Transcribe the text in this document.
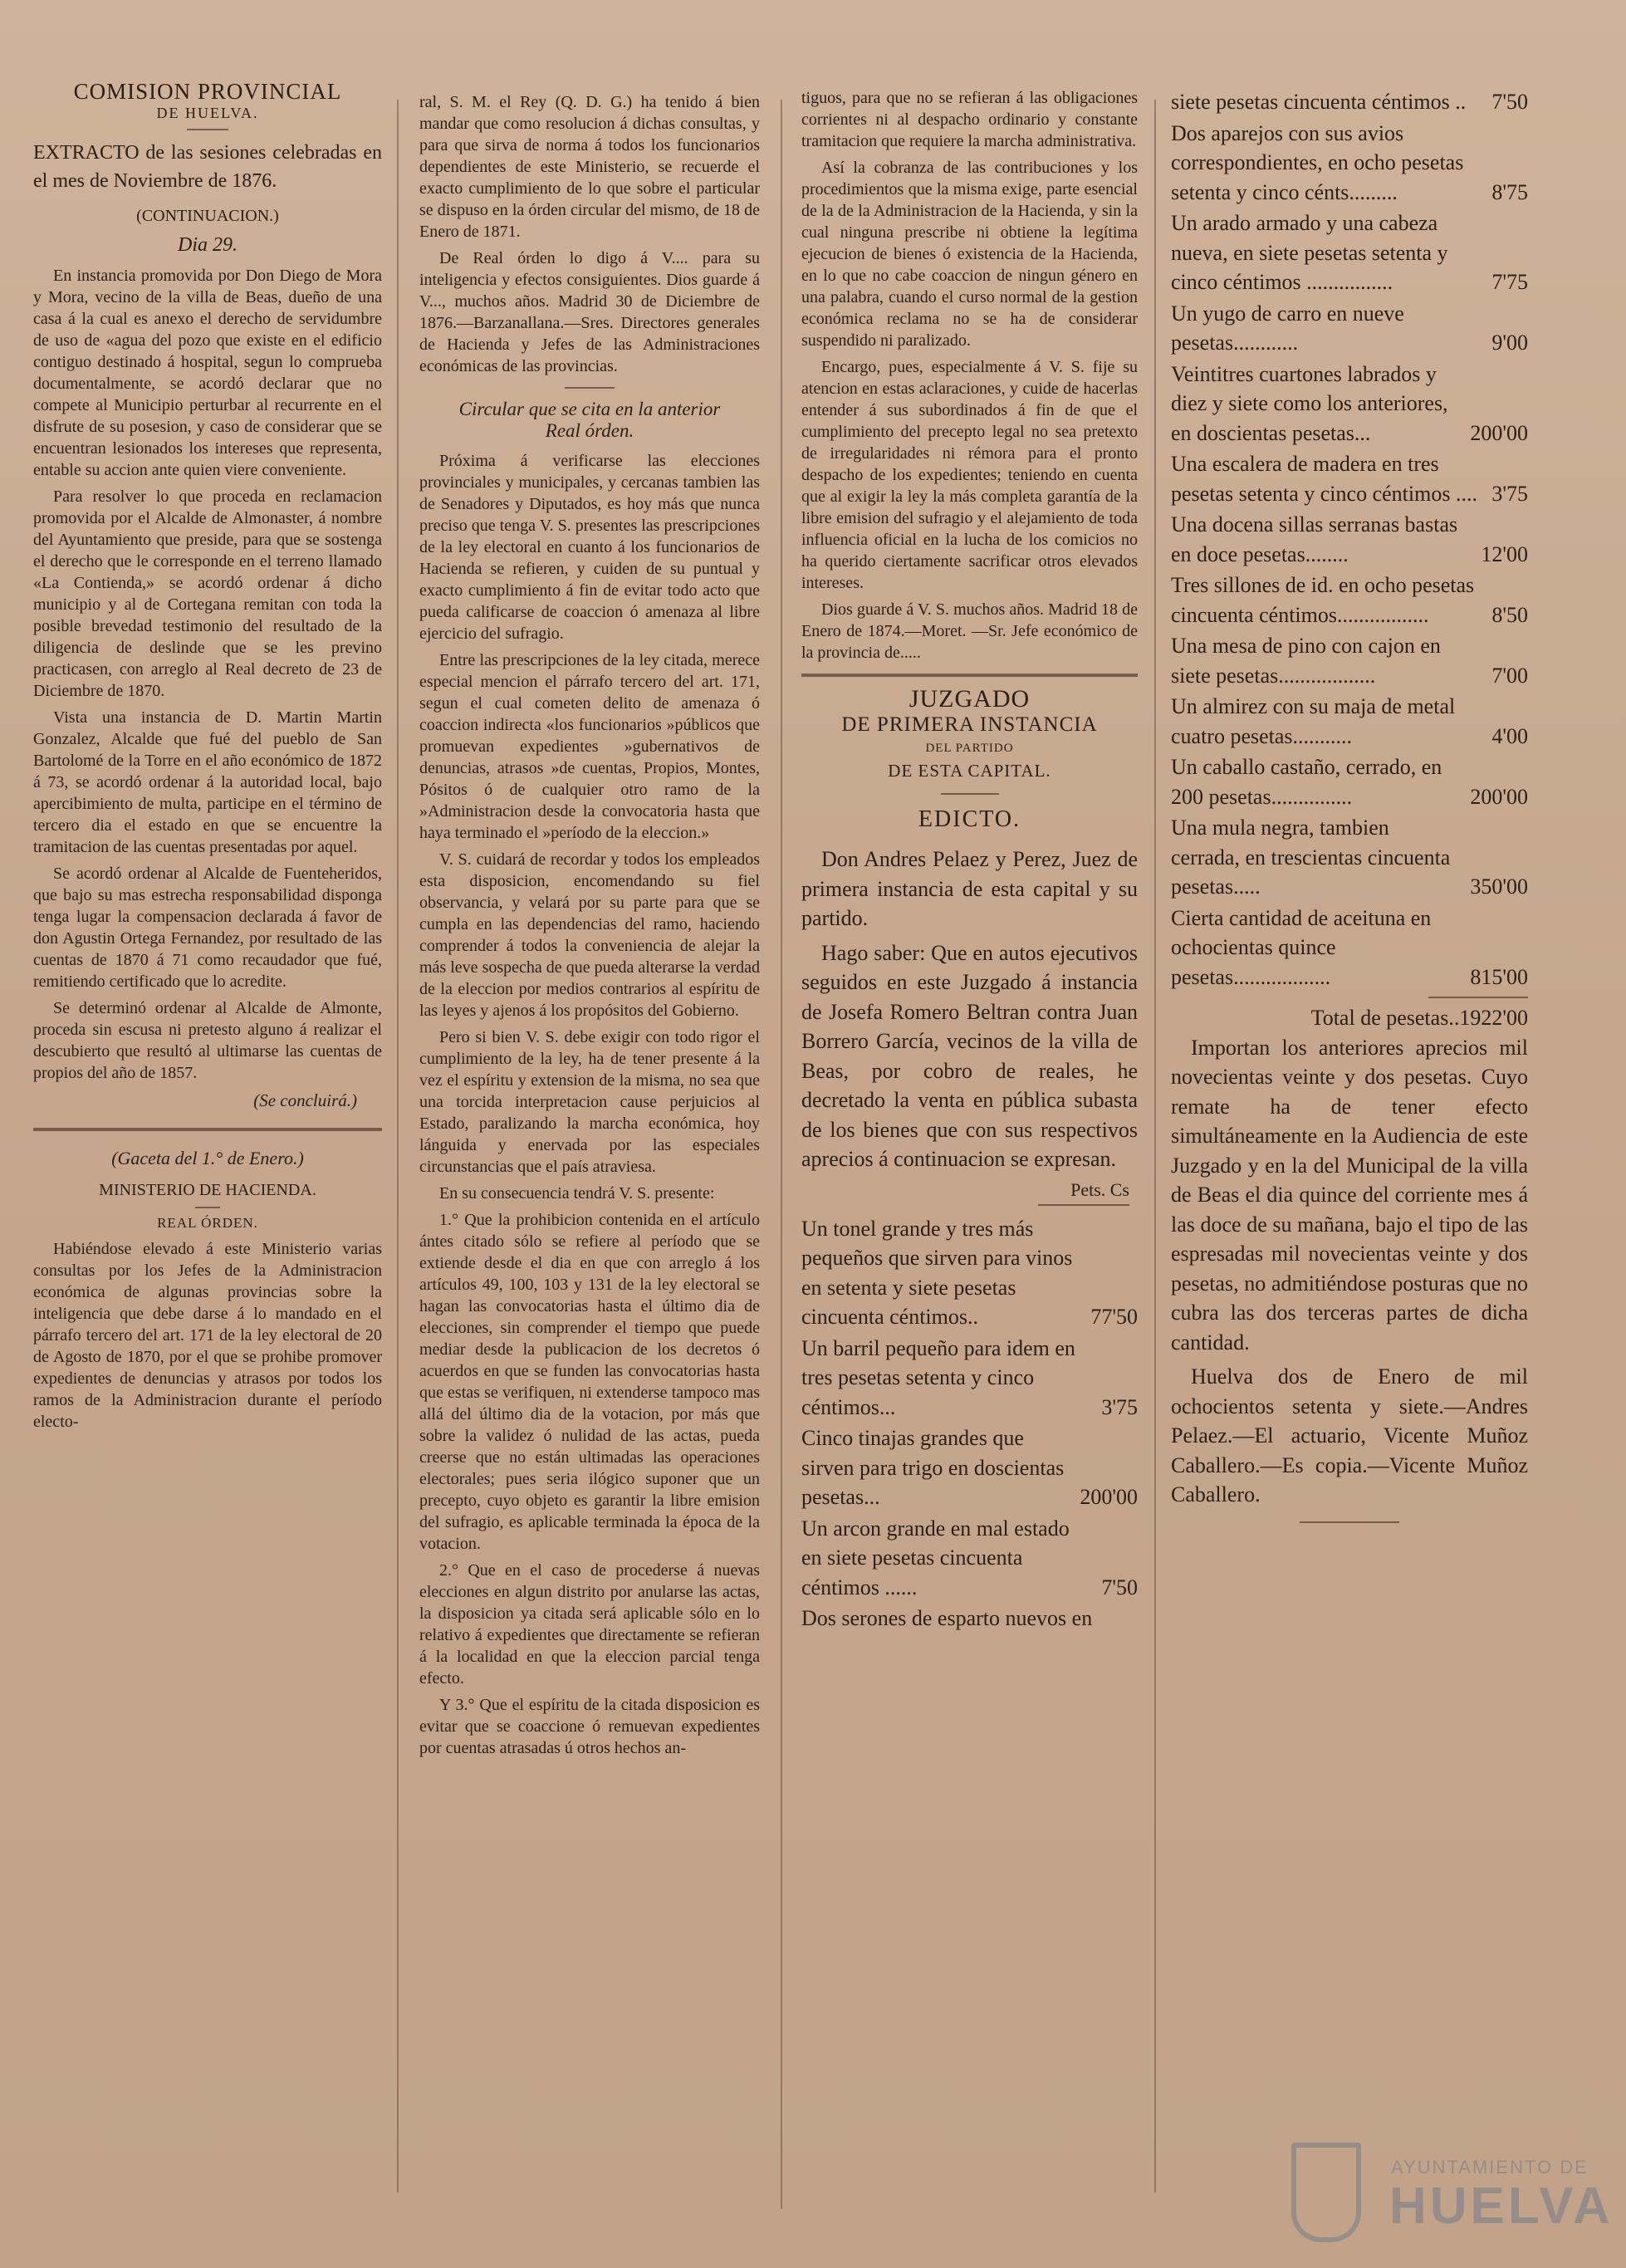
COMISION PROVINCIAL
DE HUELVA.

EXTRACTO de las sesiones celebradas en el mes de Noviembre de 1876.

(CONTINUACION.)
Dia 29.

En instancia promovida por Don Diego de Mora y Mora, vecino de la villa de Beas, dueño de una casa á la cual es anexo el derecho de servidumbre de uso de «agua del pozo que existe en el edificio contiguo destinado á hospital, segun lo comprueba documentalmente, se acordó declarar que no compete al Municipio perturbar al recurrente en el disfrute de su posesion, y caso de considerar que se encuentran lesionados los intereses que representa, entable su accion ante quien viere conveniente.

Para resolver lo que proceda en reclamacion promovida por el Alcalde de Almonaster, á nombre del Ayuntamiento que preside, para que se sostenga el derecho que le corresponde en el terreno llamado «La Contienda,» se acordó ordenar á dicho municipio y al de Cortegana remitan con toda la posible brevedad testimonio del resultado de la diligencia de deslinde que se les previno practicasen, con arreglo al Real decreto de 23 de Diciembre de 1870.

Vista una instancia de D. Martin Martin Gonzalez, Alcalde que fué del pueblo de San Bartolomé de la Torre en el año económico de 1872 á 73, se acordó ordenar á la autoridad local, bajo apercibimiento de multa, participe en el término de tercero dia el estado en que se encuentre la tramitacion de las cuentas presentadas por aquel.

Se acordó ordenar al Alcalde de Fuenteheridos, que bajo su mas estrecha responsabilidad disponga tenga lugar la compensacion declarada á favor de don Agustin Ortega Fernandez, por resultado de las cuentas de 1870 á 71 como recaudador que fué, remitiendo certificado que lo acredite.

Se determinó ordenar al Alcalde de Almonte, proceda sin escusa ni pretesto alguno á realizar el descubierto que resultó al ultimarse las cuentas de propios del año de 1857.

(Se concluirá.)
(Gaceta del 1.° de Enero.)
MINISTERIO DE HACIENDA.
REAL ÓRDEN.

Habiéndose elevado á este Ministerio varias consultas por los Jefes de la Administracion económica de algunas provincias sobre la inteligencia que debe darse á lo mandado en el párrafo tercero del art. 171 de la ley electoral de 20 de Agosto de 1870, por el que se prohibe promover expedientes de denuncias y atrasos por todos los ramos de la Administracion durante el período electo-

ral, S. M. el Rey (Q. D. G.) ha tenido á bien mandar que como resolucion á dichas consultas, y para que sirva de norma á todos los funcionarios dependientes de este Ministerio, se recuerde el exacto cumplimiento de lo que sobre el particular se dispuso en la órden circular del mismo, de 18 de Enero de 1871.

De Real órden lo digo á V.... para su inteligencia y efectos consiguientes. Dios guarde á V..., muchos años. Madrid 30 de Diciembre de 1876.—Barzanallana.—Sres. Directores generales de Hacienda y Jefes de las Administraciones económicas de las provincias.

Circular que se cita en la anterior
Real órden.

Próxima á verificarse las elecciones provinciales y municipales, y cercanas tambien las de Senadores y Diputados, es hoy más que nunca preciso que tenga V. S. presentes las prescripciones de la ley electoral en cuanto á los funcionarios de Hacienda se refieren, y cuiden de su puntual y exacto cumplimiento á fin de evitar todo acto que pueda calificarse de coaccion ó amenaza al libre ejercicio del sufragio.

Entre las prescripciones de la ley citada, merece especial mencion el párrafo tercero del art. 171, segun el cual cometen delito de amenaza ó coaccion indirecta «los funcionarios »públicos que promuevan expedientes »gubernativos de denuncias, atrasos »de cuentas, Propios, Montes, Pósitos ó de cualquier otro ramo de la »Administracion desde la convocatoria hasta que haya terminado el »período de la eleccion.»

V. S. cuidará de recordar y todos los empleados esta disposicion, encomendando su fiel observancia, y velará por su parte para que se cumpla en las dependencias del ramo, haciendo comprender á todos la conveniencia de alejar la más leve sospecha de que pueda alterarse la verdad de la eleccion por medios contrarios al espíritu de las leyes y ajenos á los propósitos del Gobierno.

Pero si bien V. S. debe exigir con todo rigor el cumplimiento de la ley, ha de tener presente á la vez el espíritu y extension de la misma, no sea que una torcida interpretacion cause perjuicios al Estado, paralizando la marcha económica, hoy lánguida y enervada por las especiales circunstancias que el país atraviesa.

En su consecuencia tendrá V. S. presente:

1.° Que la prohibicion contenida en el artículo ántes citado sólo se refiere al período que se extiende desde el dia en que con arreglo á los artículos 49, 100, 103 y 131 de la ley electoral se hagan las convocatorias hasta el último dia de elecciones, sin comprender el tiempo que puede mediar desde la publicacion de los decretos ó acuerdos en que se funden las convocatorias hasta que estas se verifiquen, ni extenderse tampoco mas allá del último dia de la votacion, por más que sobre la validez ó nulidad de las actas, pueda creerse que no están ultimadas las operaciones electorales; pues seria ilógico suponer que un precepto, cuyo objeto es garantir la libre emision del sufragio, es aplicable terminada la época de la votacion.

2.° Que en el caso de procederse á nuevas elecciones en algun distrito por anularse las actas, la disposicion ya citada será aplicable sólo en lo relativo á expedientes que directamente se refieran á la localidad en que la eleccion parcial tenga efecto.

Y 3.° Que el espíritu de la citada disposicion es evitar que se coaccione ó remuevan expedientes por cuentas atrasadas ú otros hechos an-

tiguos, para que no se refieran á las obligaciones corrientes ni al despacho ordinario y constante tramitacion que requiere la marcha administrativa.

Así la cobranza de las contribuciones y los procedimientos que la misma exige, parte esencial de la de la Administracion de la Hacienda, y sin la cual ninguna prescribe ni obtiene la legítima ejecucion de bienes ó existencia de la Hacienda, en lo que no cabe coaccion de ningun género en una palabra, cuando el curso normal de la gestion económica reclama no se ha de considerar suspendido ni paralizado.

Encargo, pues, especialmente á V. S. fije su atencion en estas aclaraciones, y cuide de hacerlas entender á sus subordinados á fin de que el cumplimiento del precepto legal no sea pretexto de irregularidades ni rémora para el pronto despacho de los expedientes; teniendo en cuenta que al exigir la ley la más completa garantía de la libre emision del sufragio y el alejamiento de toda influencia oficial en la lucha de los comicios no ha querido ciertamente sacrificar otros elevados intereses.

Dios guarde á V. S. muchos años. Madrid 18 de Enero de 1874.—Moret. —Sr. Jefe económico de la provincia de.....

JUZGADO
DE PRIMERA INSTANCIA
DEL PARTIDO
DE ESTA CAPITAL.
EDICTO.

Don Andres Pelaez y Perez, Juez de primera instancia de esta capital y su partido.

Hago saber: Que en autos ejecutivos seguidos en este Juzgado á instancia de Josefa Romero Beltran contra Juan Borrero García, vecinos de la villa de Beas, por cobro de reales, he decretado la venta en pública subasta de los bienes que con sus respectivos aprecios á continuacion se expresan.

Pets. Cs
Un tonel grande y tres más pequeños que sirven para vinos en setenta y siete pesetas cincuenta céntimos..	77'50
Un barril pequeño para idem en tres pesetas setenta y cinco céntimos...	3'75
Cinco tinajas grandes que sirven para trigo en doscientas pesetas...	200'00
Un arcon grande en mal estado en siete pesetas cincuenta céntimos ......	7'50
Dos serones de esparto nuevos en
siete pesetas cincuenta céntimos ..	7'50
Dos aparejos con sus avios correspondientes, en ocho pesetas setenta y cinco cénts.........	8'75
Un arado armado y una cabeza nueva, en siete pesetas setenta y cinco céntimos ................	7'75
Un yugo de carro en nueve pesetas............	9'00
Veintitres cuartones labrados y diez y siete como los anteriores, en doscientas pesetas...	200'00
Una escalera de madera en tres pesetas setenta y cinco céntimos .... 3'75
Una docena sillas serranas bastas en doce pesetas........	12'00
Tres sillones de id. en ocho pesetas cincuenta céntimos.................	8'50
Una mesa de pino con cajon en siete pesetas..................	7'00
Un almirez con su maja de metal cuatro pesetas...........	4'00
Un caballo castaño, cerrado, en 200 pesetas...............	200'00
Una mula negra, tambien cerrada, en trescientas cincuenta pesetas.....	350'00
Cierta cantidad de aceituna en ochocientas quince pesetas..................	815'00
Total de pesetas..1922'00

Importan los anteriores aprecios mil novecientas veinte y dos pesetas. Cuyo remate ha de tener efecto simultáneamente en la Audiencia de este Juzgado y en la del Municipal de la villa de Beas el dia quince del corriente mes á las doce de su mañana, bajo el tipo de las espresadas mil novecientas veinte y dos pesetas, no admitiéndose posturas que no cubra las dos terceras partes de dicha cantidad.

Huelva dos de Enero de mil ochocientos setenta y siete.—Andres Pelaez.—El actuario, Vicente Muñoz Caballero.—Es copia.—Vicente Muñoz Caballero.

AYUNTAMIENTO DE
HUELVA
